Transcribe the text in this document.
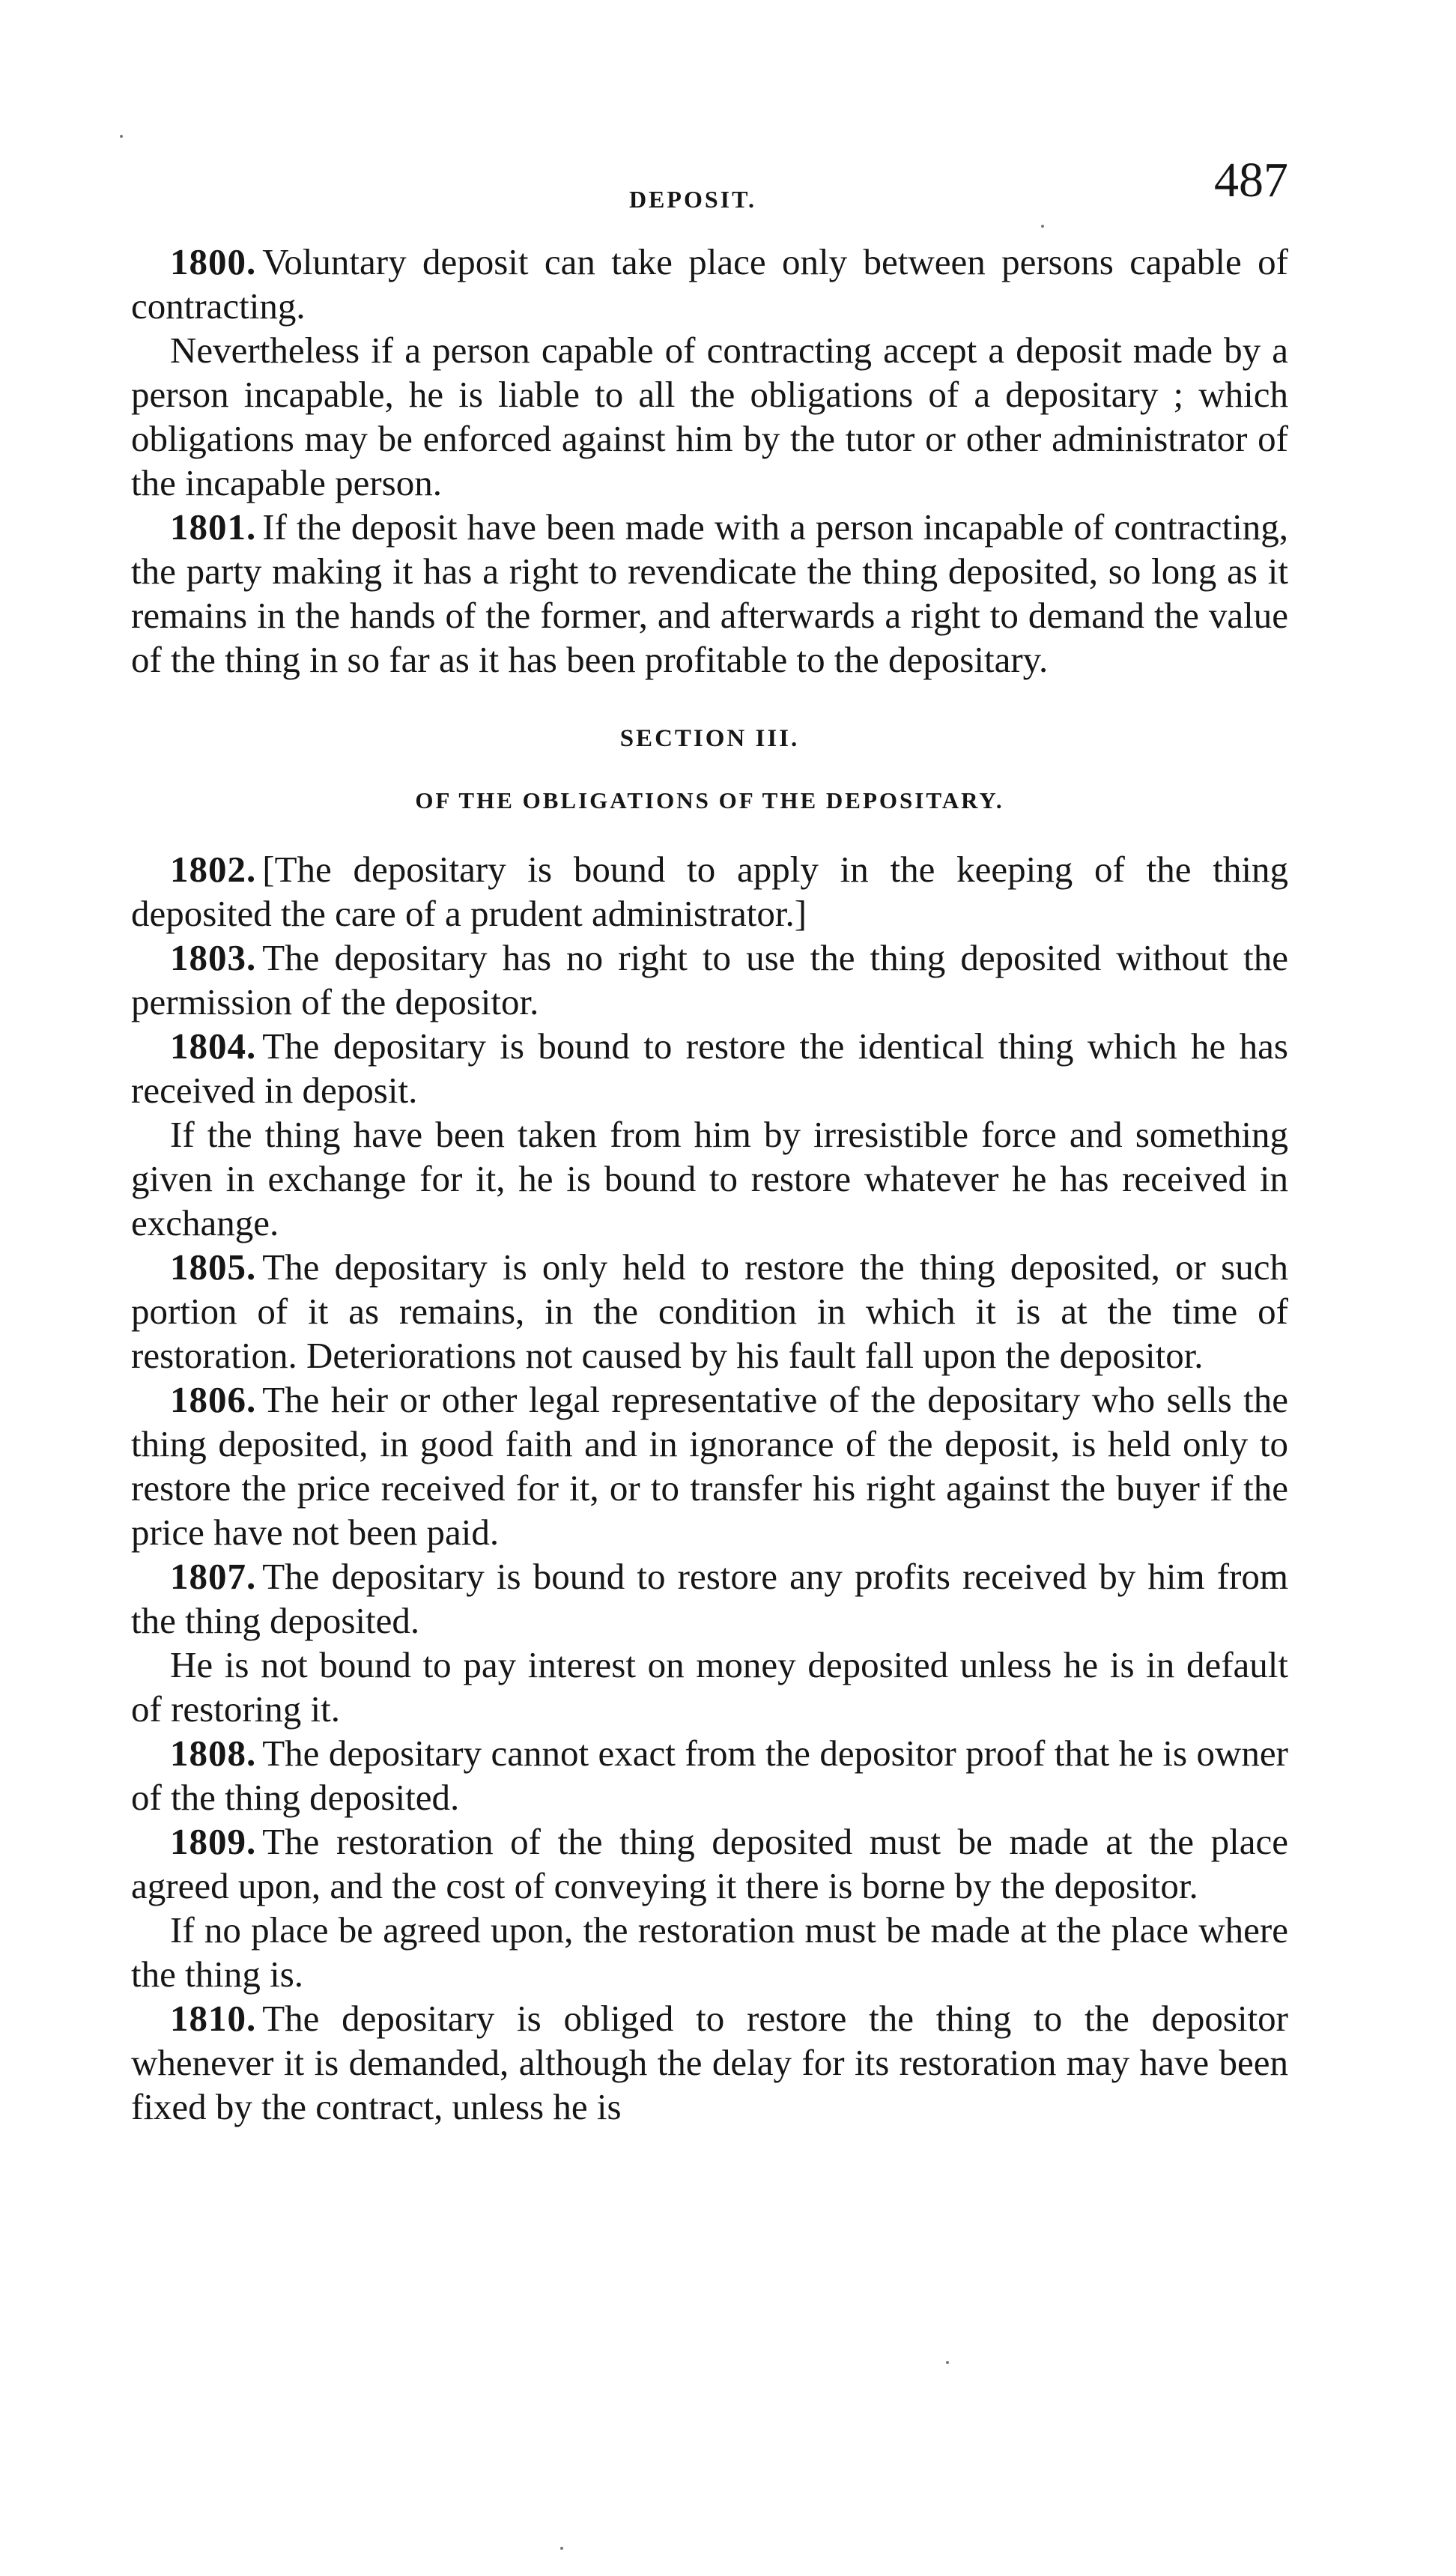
DEPOSIT.	487

1800. Voluntary deposit can take place only between persons capable of contracting.

Nevertheless if a person capable of contracting accept a deposit made by a person incapable, he is liable to all the obligations of a depositary ; which obligations may be enforced against him by the tutor or other administrator of the incapable person.

1801. If the deposit have been made with a person incapable of contracting, the party making it has a right to revendicate the thing deposited, so long as it remains in the hands of the former, and afterwards a right to demand the value of the thing in so far as it has been profitable to the depositary.

SECTION III.
OF THE OBLIGATIONS OF THE DEPOSITARY.

1802. [The depositary is bound to apply in the keeping of the thing deposited the care of a prudent administrator.]

1803. The depositary has no right to use the thing deposited without the permission of the depositor.

1804. The depositary is bound to restore the identical thing which he has received in deposit.

If the thing have been taken from him by irresistible force and something given in exchange for it, he is bound to restore whatever he has received in exchange.

1805. The depositary is only held to restore the thing deposited, or such portion of it as remains, in the condition in which it is at the time of restoration. Deteriorations not caused by his fault fall upon the depositor.

1806. The heir or other legal representative of the depositary who sells the thing deposited, in good faith and in ignorance of the deposit, is held only to restore the price received for it, or to transfer his right against the buyer if the price have not been paid.

1807. The depositary is bound to restore any profits received by him from the thing deposited.

He is not bound to pay interest on money deposited unless he is in default of restoring it.

1808. The depositary cannot exact from the depositor proof that he is owner of the thing deposited.

1809. The restoration of the thing deposited must be made at the place agreed upon, and the cost of conveying it there is borne by the depositor.

If no place be agreed upon, the restoration must be made at the place where the thing is.

1810. The depositary is obliged to restore the thing to the depositor whenever it is demanded, although the delay for its restoration may have been fixed by the contract, unless he is
